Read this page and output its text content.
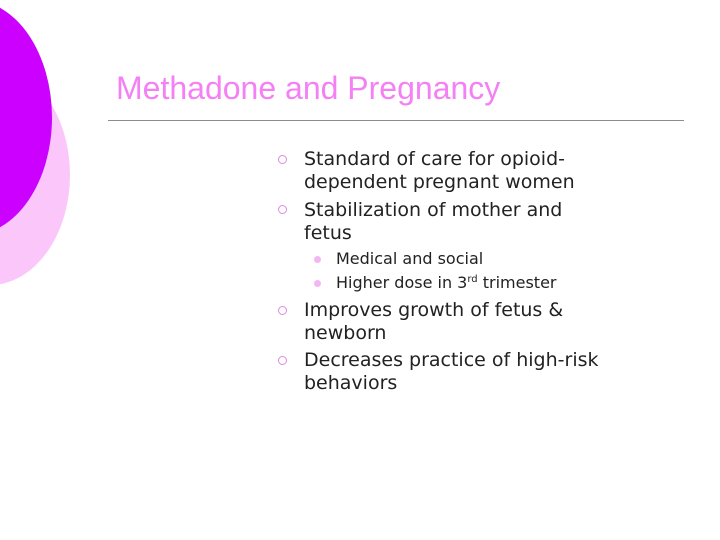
Methadone and Pregnancy
Standard of care for opioid-
dependent pregnant women
Stabilization of mother and
fetus
Medical and social
Higher dose in 3rd trimester
Improves growth of fetus &
newborn
Decreases practice of high-risk
behaviors
